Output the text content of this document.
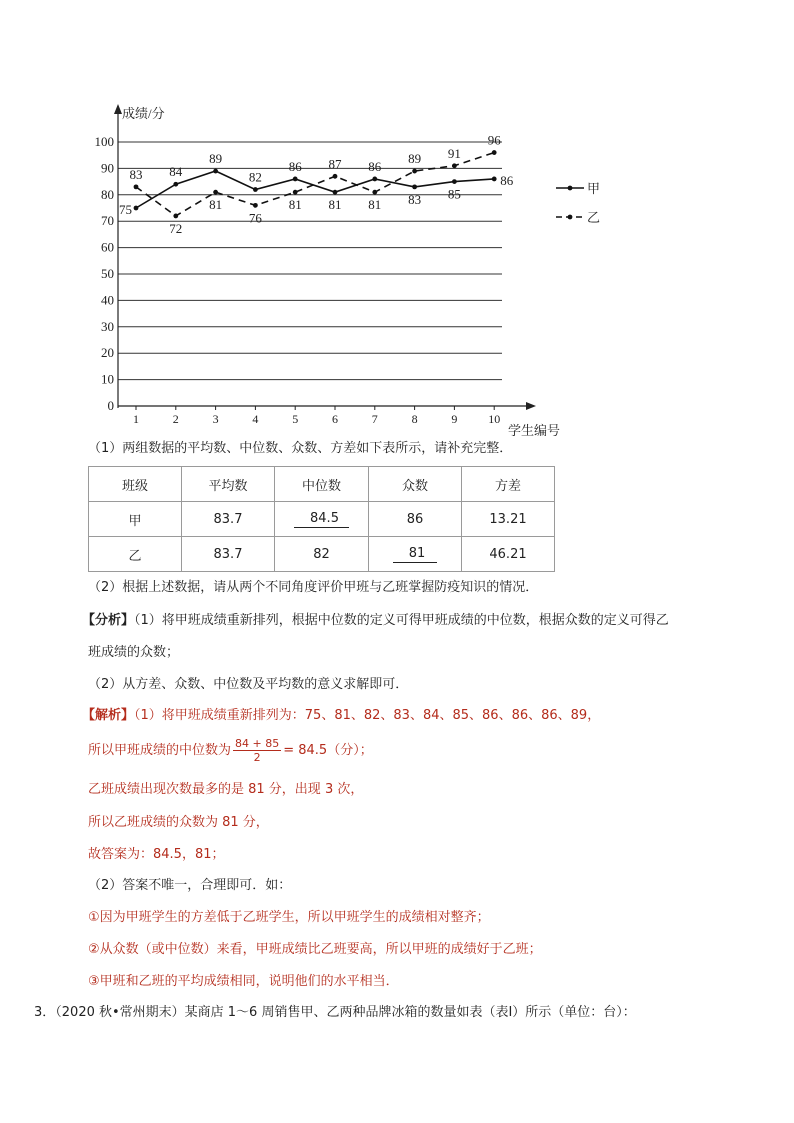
0
10
20
30
40
50
60
70
80
90
100
1	2	3	4	5	6	7	8	9	10
75
84
89
82
86
81
86
83 85
86
83
72
81
76
81
87
81
89 91
96
甲
乙
成绩/分
学生编号
（1）两组数据的平均数、中位数、众数、方差如下表所示，请补充完整．
班级	平均数	中位数	众数	方差
甲	83.7	84.5	86	13.21
乙	83.7	82	81	46.21
（2）根据上述数据，请从两个不同角度评价甲班与乙班掌握防疫知识的情况．
【分析】（1）将甲班成绩重新排列，根据中位数的定义可得甲班成绩的中位数，根据众数的定义可得乙
班成绩的众数；
（2）从方差、众数、中位数及平均数的意义求解即可．
【解析】（1）将甲班成绩重新排列为：75、81、82、83、84、85、86、86、86、89，
所以甲班成绩的中位数为 $\frac{84 + 85}{2} = 84.5$（分）；
乙班成绩出现次数最多的是 81 分，出现 3 次，
所以乙班成绩的众数为 81 分，
故答案为：84.5，81；
（2）答案不唯一，合理即可．如：
①因为甲班学生的方差低于乙班学生，所以甲班学生的成绩相对整齐；
②从众数（或中位数）来看，甲班成绩比乙班要高，所以甲班的成绩好于乙班；
③甲班和乙班的平均成绩相同，说明他们的水平相当．
3．（2020 秋•常州期末）某商店 1～6 周销售甲、乙两种品牌冰箱的数量如表（表Ⅰ）所示（单位：台）：
